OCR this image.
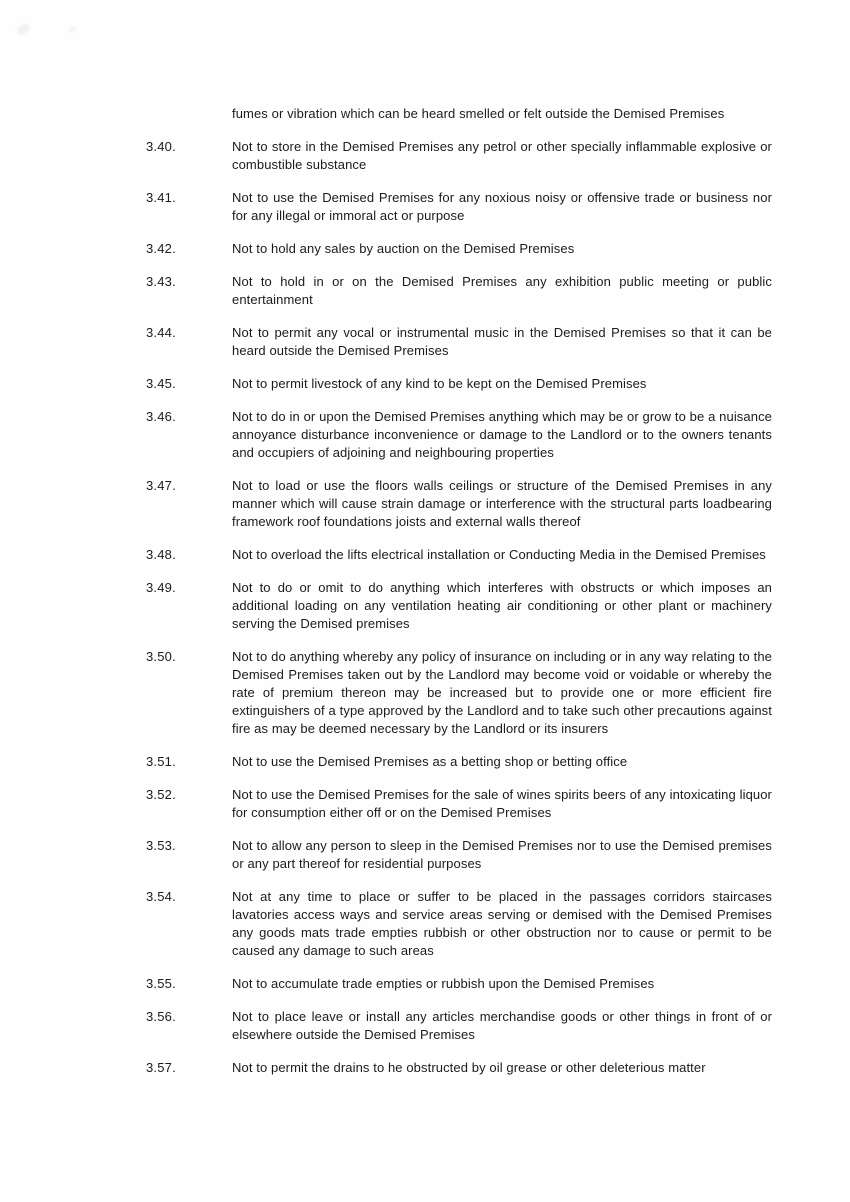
fumes or vibration which can be heard smelled or felt outside the Demised Premises
3.40.	Not to store in the Demised Premises any petrol or other specially inflammable explosive or combustible substance
3.41.	Not to use the Demised Premises for any noxious noisy or offensive trade or business nor for any illegal or immoral act or purpose
3.42.	Not to hold any sales by auction on the Demised Premises
3.43.	Not to hold in or on the Demised Premises any exhibition public meeting or public entertainment
3.44.	Not to permit any vocal or instrumental music in the Demised Premises so that it can be heard outside the Demised Premises
3.45.	Not to permit livestock of any kind to be kept on the Demised Premises
3.46.	Not to do in or upon the Demised Premises anything which may be or grow to be a nuisance annoyance disturbance inconvenience or damage to the Landlord or to the owners tenants and occupiers of adjoining and neighbouring properties
3.47.	Not to load or use the floors walls ceilings or structure of the Demised Premises in any manner which will cause strain damage or interference with the structural parts loadbearing framework roof foundations joists and external walls thereof
3.48.	Not to overload the lifts electrical installation or Conducting Media in the Demised Premises
3.49.	Not to do or omit to do anything which interferes with obstructs or which imposes an additional loading on any ventilation heating air conditioning or other plant or machinery serving the Demised premises
3.50.	Not to do anything whereby any policy of insurance on including or in any way relating to the Demised Premises taken out by the Landlord may become void or voidable or whereby the rate of premium thereon may be increased but to provide one or more efficient fire extinguishers of a type approved by the Landlord and to take such other precautions against fire as may be deemed necessary by the Landlord or its insurers
3.51.	Not to use the Demised Premises as a betting shop or betting office
3.52.	Not to use the Demised Premises for the sale of wines spirits beers of any intoxicating liquor for consumption either off or on the Demised Premises
3.53.	Not to allow any person to sleep in the Demised Premises nor to use the Demised premises or any part thereof for residential purposes
3.54.	Not at any time to place or suffer to be placed in the passages corridors staircases lavatories access ways and service areas serving or demised with the Demised Premises any goods mats trade empties rubbish or other obstruction nor to cause or permit to be caused any damage to such areas
3.55.	Not to accumulate trade empties or rubbish upon the Demised Premises
3.56.	Not to place leave or install any articles merchandise goods or other things in front of or elsewhere outside the Demised Premises
3.57.	Not to permit the drains to he obstructed by oil grease or other deleterious matter
